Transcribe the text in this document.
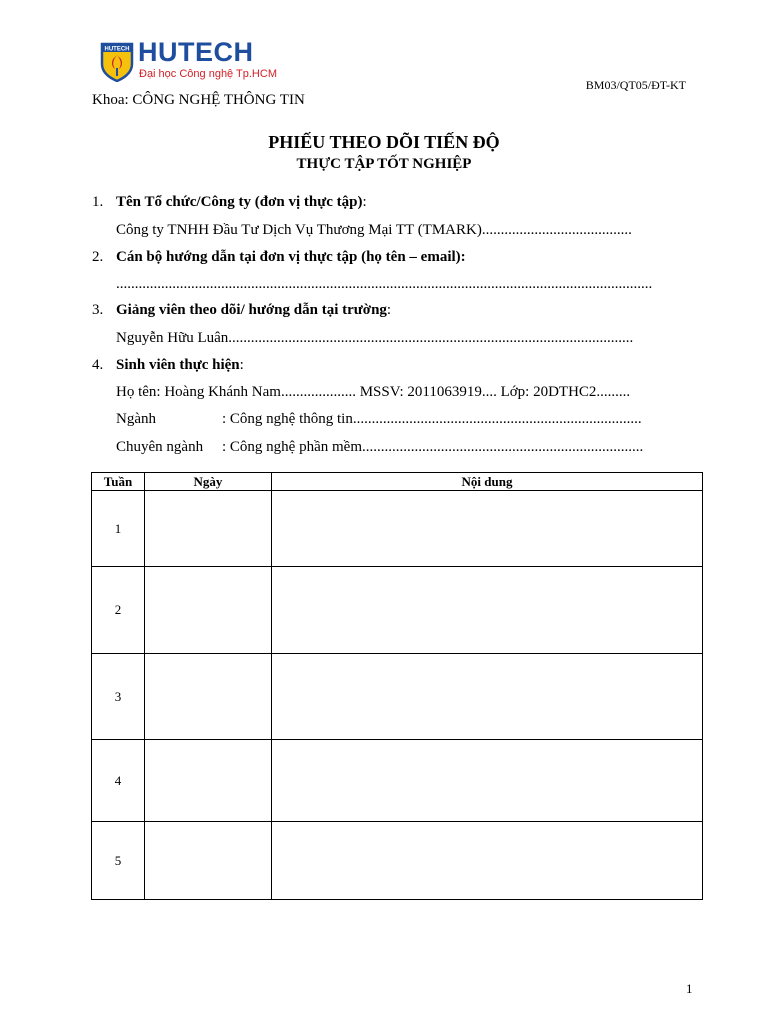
HUTECH HUTECH
Đại học Công nghệ Tp.HCM
BM03/QT05/ĐT-KT
Khoa: CÔNG NGHỆ THÔNG TIN
PHIẾU THEO DÕI TIẾN ĐỘ
THỰC TẬP TỐT NGHIỆP
1. Tên Tổ chức/Công ty (đơn vị thực tập):
Công ty TNHH Đầu Tư Dịch Vụ Thương Mại TT (TMARK)........................................
2. Cán bộ hướng dẫn tại đơn vị thực tập (họ tên – email):
...............................................................................................................................................
3. Giảng viên theo dõi/ hướng dẫn tại trường:
Nguyễn Hữu Luân............................................................................................................
4. Sinh viên thực hiện:
Họ tên: Hoàng Khánh Nam.................... MSSV: 2011063919.... Lớp: 20DTHC2.........
Ngành	: Công nghệ thông tin.............................................................................
Chuyên ngành : Công nghệ phần mềm...........................................................................
Tuần	Ngày	Nội dung
1		
2		
3		
4		
5		
1
